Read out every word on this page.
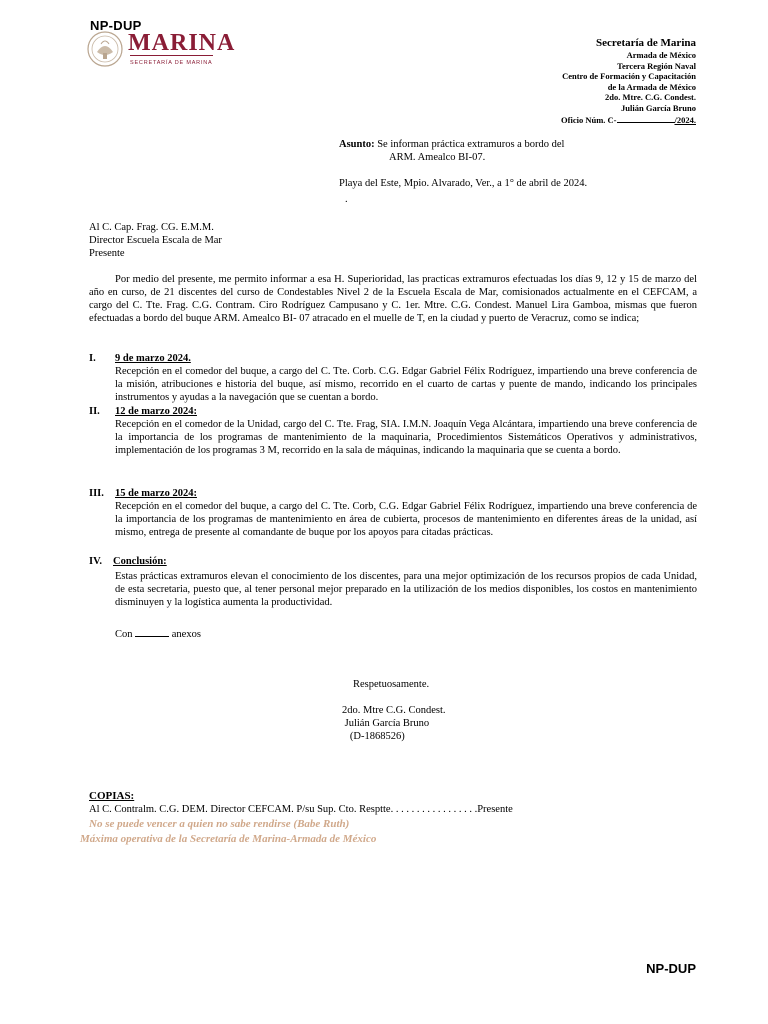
NP-DUP
MARINA
SECRETARÍA DE MARINA
Secretaría de Marina
Armada de México
Tercera Región Naval
Centro de Formación y Capacitación
de la Armada de México
2do. Mtre. C.G. Condest.
Julián García Bruno
Oficio Núm. C-	/2024.
Asunto: Se informan práctica extramuros a bordo del
ARM. Amealco BI-07.
Playa del Este, Mpio. Alvarado, Ver., a 1° de abril de 2024.
.
Al C. Cap. Frag. CG. E.M.M.
Director Escuela Escala de Mar
Presente
Por medio del presente, me permito informar a esa H. Superioridad, las practicas extramuros efectuadas los días 9, 12 y 15 de marzo del año en curso, de 21 discentes del curso de Condestables Nivel 2 de la Escuela Escala de Mar, comisionados actualmente en el CEFCAM, a cargo del C. Tte. Frag. C.G. Contram. Ciro Rodríguez Campusano y C. 1er. Mtre. C.G. Condest. Manuel Lira Gamboa, mismas que fueron efectuadas a bordo del buque ARM. Amealco BI- 07 atracado en el muelle de T, en la ciudad y puerto de Veracruz, como se indica;
I. 9 de marzo 2024.
Recepción en el comedor del buque, a cargo del C. Tte. Corb. C.G. Edgar Gabriel Félix Rodríguez, impartiendo una breve conferencia de la misión, atribuciones e historia del buque, así mismo, recorrido en el cuarto de cartas y puente de mando, indicando los principales instrumentos y ayudas a la navegación que se cuentan a bordo.
II. 12 de marzo 2024:
Recepción en el comedor de la Unidad, cargo del C. Tte. Frag, SIA. I.M.N. Joaquín Vega Alcántara, impartiendo una breve conferencia de la importancia de los programas de mantenimiento de la maquinaria, Procedimientos Sistemáticos Operativos y administrativos, implementación de los programas 3 M, recorrido en la sala de máquinas, indicando la maquinaria que se cuenta a bordo.
III. 15 de marzo 2024:
Recepción en el comedor del buque, a cargo del C. Tte. Corb, C.G. Edgar Gabriel Félix Rodríguez, impartiendo una breve conferencia de la importancia de los programas de mantenimiento en área de cubierta, procesos de mantenimiento en diferentes áreas de la unidad, así mismo, entrega de presente al comandante de buque por los apoyos para citadas prácticas.
IV. Conclusión:
Estas prácticas extramuros elevan el conocimiento de los discentes, para una mejor optimización de los recursos propios de cada Unidad, de esta secretaria, puesto que, al tener personal mejor preparado en la utilización de los medios disponibles, los costos en mantenimiento disminuyen y la logística aumenta la productividad.
Con	anexos
Respetuosamente.
2do. Mtre C.G. Condest.
Julián García Bruno
(D-1868526)
COPIAS:
Al C. Contralm. C.G. DEM. Director CEFCAM. P/su Sup. Cto. Resptte. . . . . . . . . . . . . . . . .Presente
No se puede vencer a quien no sabe rendirse (Babe Ruth)
Máxima operativa de la Secretaría de Marina-Armada de México
NP-DUP
